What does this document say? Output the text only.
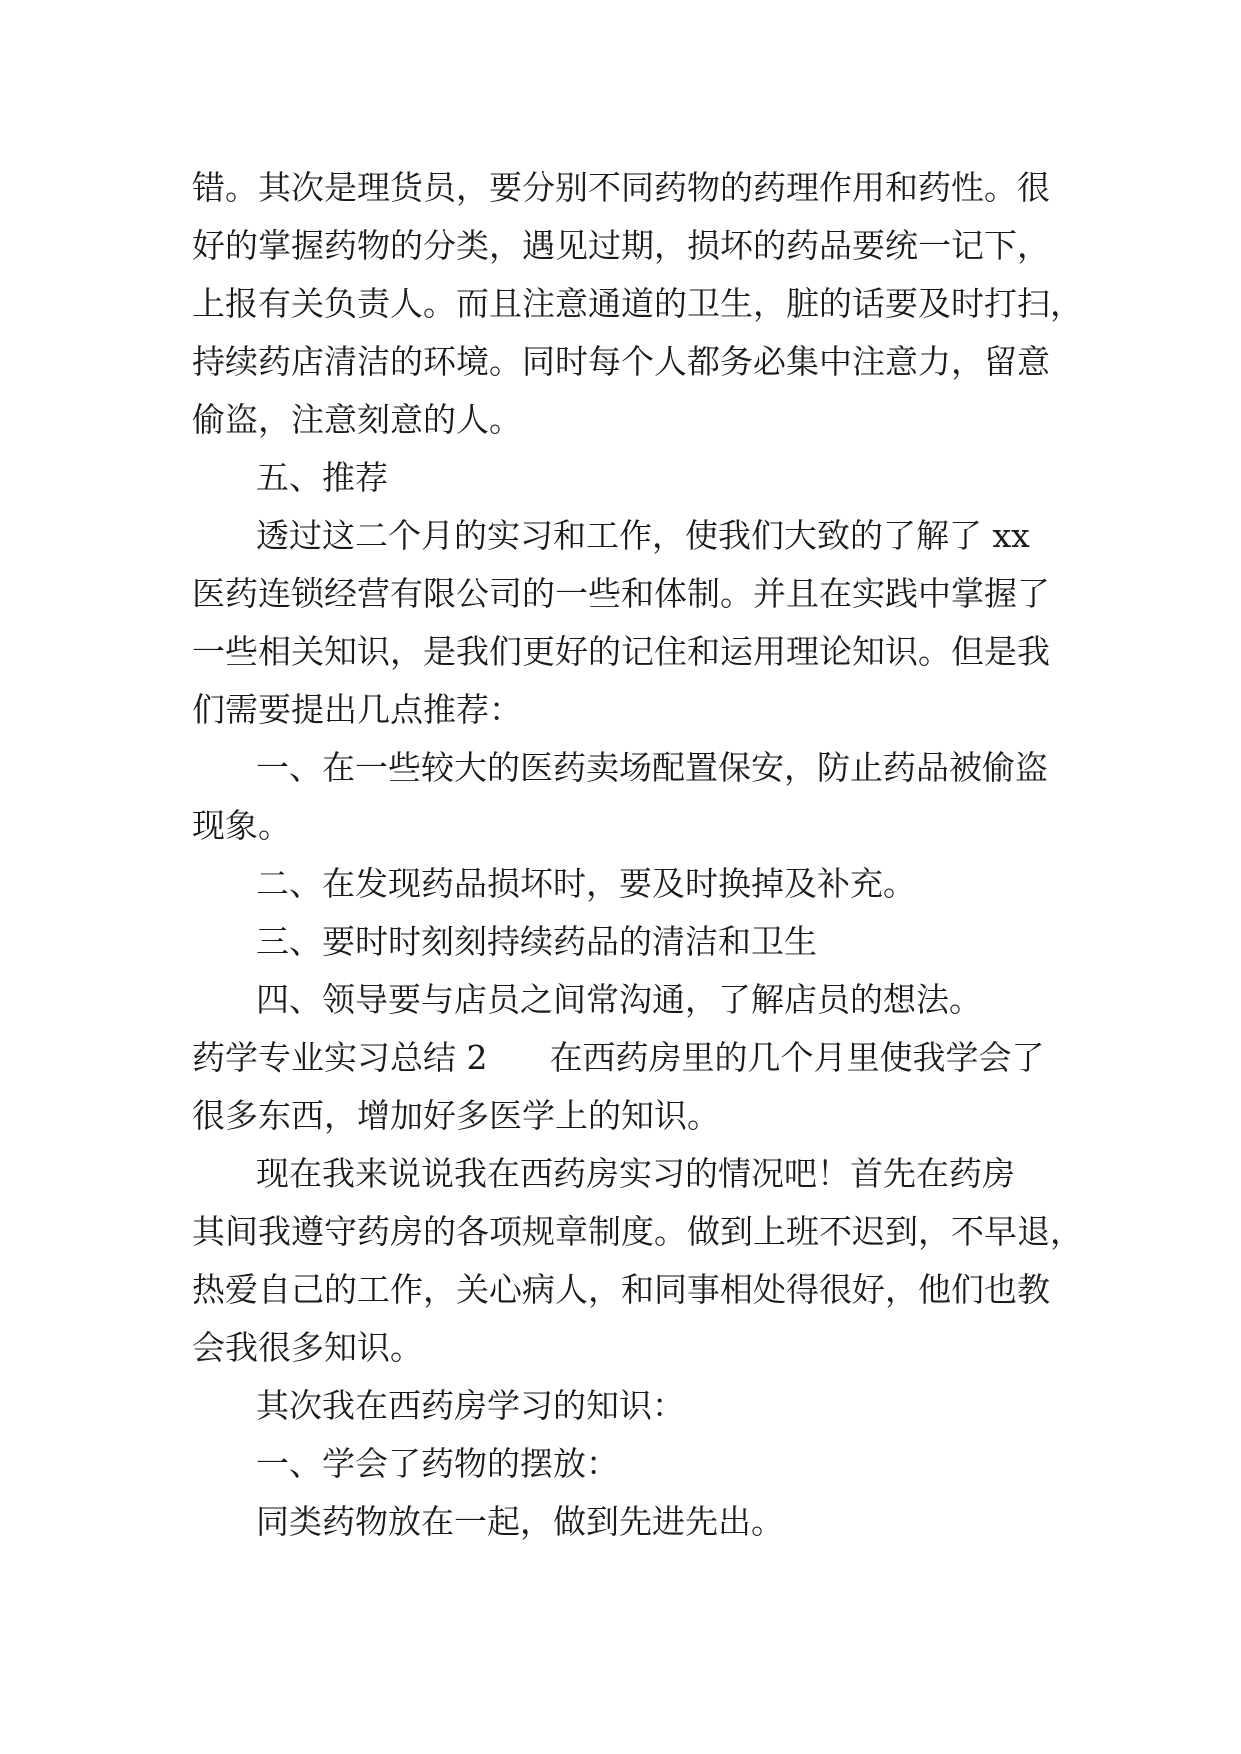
错。其次是理货员，要分别不同药物的药理作用和药性。很
好的掌握药物的分类，遇见过期，损坏的药品要统一记下，
上报有关负责人。而且注意通道的卫生，脏的话要及时打扫，
持续药店清洁的环境。同时每个人都务必集中注意力，留意
偷盗，注意刻意的人。
五、推荐
透过这二个月的实习和工作，使我们大致的了解了 xx
医药连锁经营有限公司的一些和体制。并且在实践中掌握了
一些相关知识，是我们更好的记住和运用理论知识。但是我
们需要提出几点推荐：
一、在一些较大的医药卖场配置保安，防止药品被偷盗
现象。
二、在发现药品损坏时，要及时换掉及补充。
三、要时时刻刻持续药品的清洁和卫生
四、领导要与店员之间常沟通，了解店员的想法。
药学专业实习总结 2 在西药房里的几个月里使我学会了
很多东西，增加好多医学上的知识。
现在我来说说我在西药房实习的情况吧！首先在药房
其间我遵守药房的各项规章制度。做到上班不迟到，不早退，
热爱自己的工作，关心病人，和同事相处得很好，他们也教
会我很多知识。
其次我在西药房学习的知识：
一、学会了药物的摆放：
同类药物放在一起，做到先进先出。
